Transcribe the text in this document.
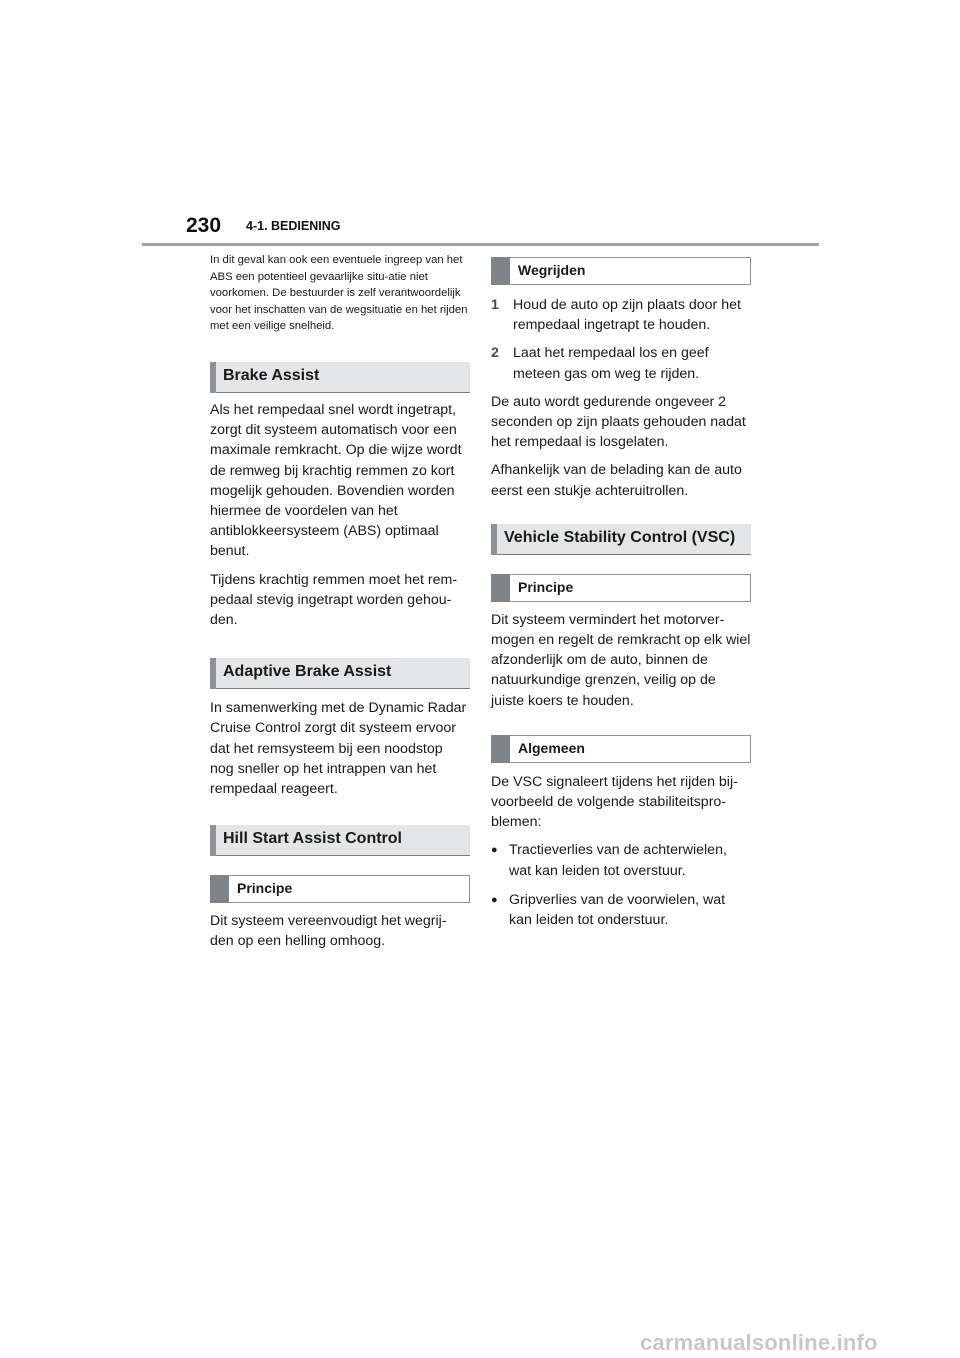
230 4-1. BEDIENING

In dit geval kan ook een eventuele ingreep van het ABS een potentieel gevaarlijke situ-atie niet voorkomen. De bestuurder is zelf verantwoordelijk voor het inschatten van de wegsituatie en het rijden met een veilige snelheid.

Brake Assist

Als het rempedaal snel wordt ingetrapt, zorgt dit systeem automatisch voor een maximale remkracht. Op die wijze wordt de remweg bij krachtig remmen zo kort mogelijk gehouden. Bovendien worden hiermee de voordelen van het antiblokkeersysteem (ABS) optimaal benut.

Tijdens krachtig remmen moet het rem-pedaal stevig ingetrapt worden gehou-den.

Adaptive Brake Assist

In samenwerking met de Dynamic Radar Cruise Control zorgt dit systeem ervoor dat het remsysteem bij een noodstop nog sneller op het intrappen van het rempedaal reageert.

Hill Start Assist Control
Principe

Dit systeem vereenvoudigt het wegrij-den op een helling omhoog.

Wegrijden
1 Houd de auto op zijn plaats door het rempedaal ingetrapt te houden.
2 Laat het rempedaal los en geef meteen gas om weg te rijden.

De auto wordt gedurende ongeveer 2 seconden op zijn plaats gehouden nadat het rempedaal is losgelaten.

Afhankelijk van de belading kan de auto eerst een stukje achteruitrollen.

Vehicle Stability Control (VSC)
Principe

Dit systeem vermindert het motorver-mogen en regelt de remkracht op elk wiel afzonderlijk om de auto, binnen de natuurkundige grenzen, veilig op de juiste koers te houden.

Algemeen

De VSC signaleert tijdens het rijden bij-voorbeeld de volgende stabiliteitspro-blemen:

● Tractieverlies van de achterwielen, wat kan leiden tot overstuur.
● Gripverlies van de voorwielen, wat kan leiden tot onderstuur.
carmanualsonline.info
